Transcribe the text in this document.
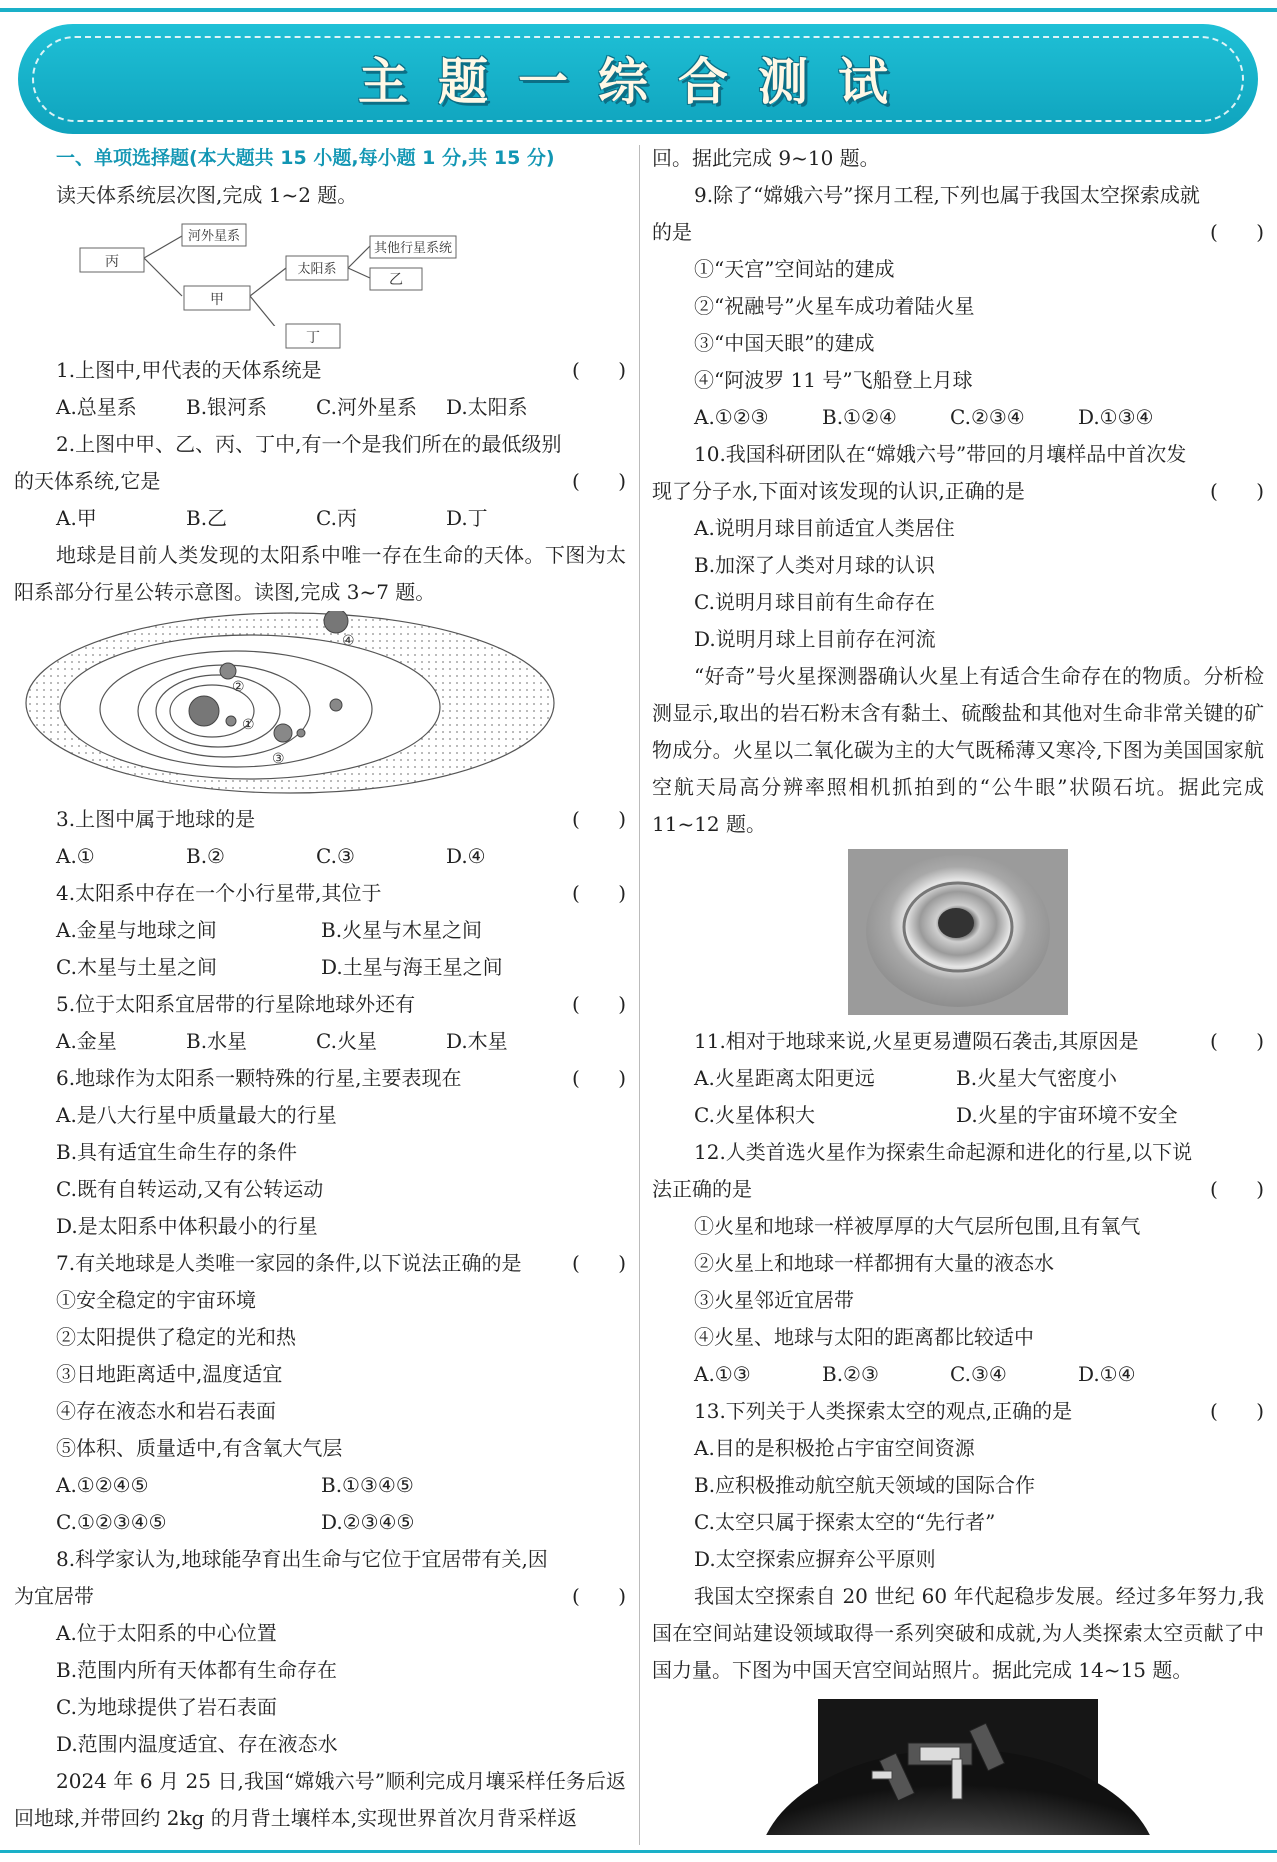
主题一综合测试

一、单项选择题(本大题共 15 小题,每小题 1 分,共 15 分)

读天体系统层次图,完成 1~2 题。

丙
河外星系
甲
太阳系
其他行星系统
乙
丁
1.上图中,甲代表的天体系统是	( )
A.总星系	B.银河系	C.河外星系	D.太阳系
2.上图中甲、乙、丙、丁中,有一个是我们所在的最低级别的天体系统,它是	( )
A.甲	B.乙	C.丙	D.丁

地球是目前人类发现的太阳系中唯一存在生命的天体。下图为太阳系部分行星公转示意图。读图,完成 3~7 题。

①
②
③
④
3.上图中属于地球的是	( )
A.①	B.②	C.③	D.④
4.太阳系中存在一个小行星带,其位于	( )
A.金星与地球之间	B.火星与木星之间
C.木星与土星之间	D.土星与海王星之间
5.位于太阳系宜居带的行星除地球外还有	( )
A.金星	B.水星	C.火星	D.木星
6.地球作为太阳系一颗特殊的行星,主要表现在	( )

A.是八大行星中质量最大的行星

B.具有适宜生命生存的条件

C.既有自转运动,又有公转运动

D.是太阳系中体积最小的行星

7.有关地球是人类唯一家园的条件,以下说法正确的是	( )

①安全稳定的宇宙环境

②太阳提供了稳定的光和热

③日地距离适中,温度适宜

④存在液态水和岩石表面

⑤体积、质量适中,有含氧大气层

A.①②④⑤	B.①③④⑤
C.①②③④⑤	D.②③④⑤
8.科学家认为,地球能孕育出生命与它位于宜居带有关,因为宜居带	( )

A.位于太阳系的中心位置

B.范围内所有天体都有生命存在

C.为地球提供了岩石表面

D.范围内温度适宜、存在液态水

2024 年 6 月 25 日,我国“嫦娥六号”顺利完成月壤采样任务后返回地球,并带回约 2kg 的月背土壤样本,实现世界首次月背采样返

回。据此完成 9~10 题。

9.除了“嫦娥六号”探月工程,下列也属于我国太空探索成就的是	( )

①“天宫”空间站的建成

②“祝融号”火星车成功着陆火星

③“中国天眼”的建成

④“阿波罗 11 号”飞船登上月球

A.①②③	B.①②④	C.②③④	D.①③④
10.我国科研团队在“嫦娥六号”带回的月壤样品中首次发现了分子水,下面对该发现的认识,正确的是	( )

A.说明月球目前适宜人类居住

B.加深了人类对月球的认识

C.说明月球目前有生命存在

D.说明月球上目前存在河流

“好奇”号火星探测器确认火星上有适合生命存在的物质。分析检测显示,取出的岩石粉末含有黏土、硫酸盐和其他对生命非常关键的矿物成分。火星以二氧化碳为主的大气既稀薄又寒冷,下图为美国国家航空航天局高分辨率照相机抓拍到的“公牛眼”状陨石坑。据此完成 11~12 题。

11.相对于地球来说,火星更易遭陨石袭击,其原因是	( )
A.火星距离太阳更远	B.火星大气密度小
C.火星体积大	D.火星的宇宙环境不安全
12.人类首选火星作为探索生命起源和进化的行星,以下说法正确的是	( )

①火星和地球一样被厚厚的大气层所包围,且有氧气

②火星上和地球一样都拥有大量的液态水

③火星邻近宜居带

④火星、地球与太阳的距离都比较适中

A.①③	B.②③	C.③④	D.①④
13.下列关于人类探索太空的观点,正确的是	( )

A.目的是积极抢占宇宙空间资源

B.应积极推动航空航天领域的国际合作

C.太空只属于探索太空的“先行者”

D.太空探索应摒弃公平原则

我国太空探索自 20 世纪 60 年代起稳步发展。经过多年努力,我国在空间站建设领域取得一系列突破和成就,为人类探索太空贡献了中国力量。下图为中国天宫空间站照片。据此完成 14~15 题。
